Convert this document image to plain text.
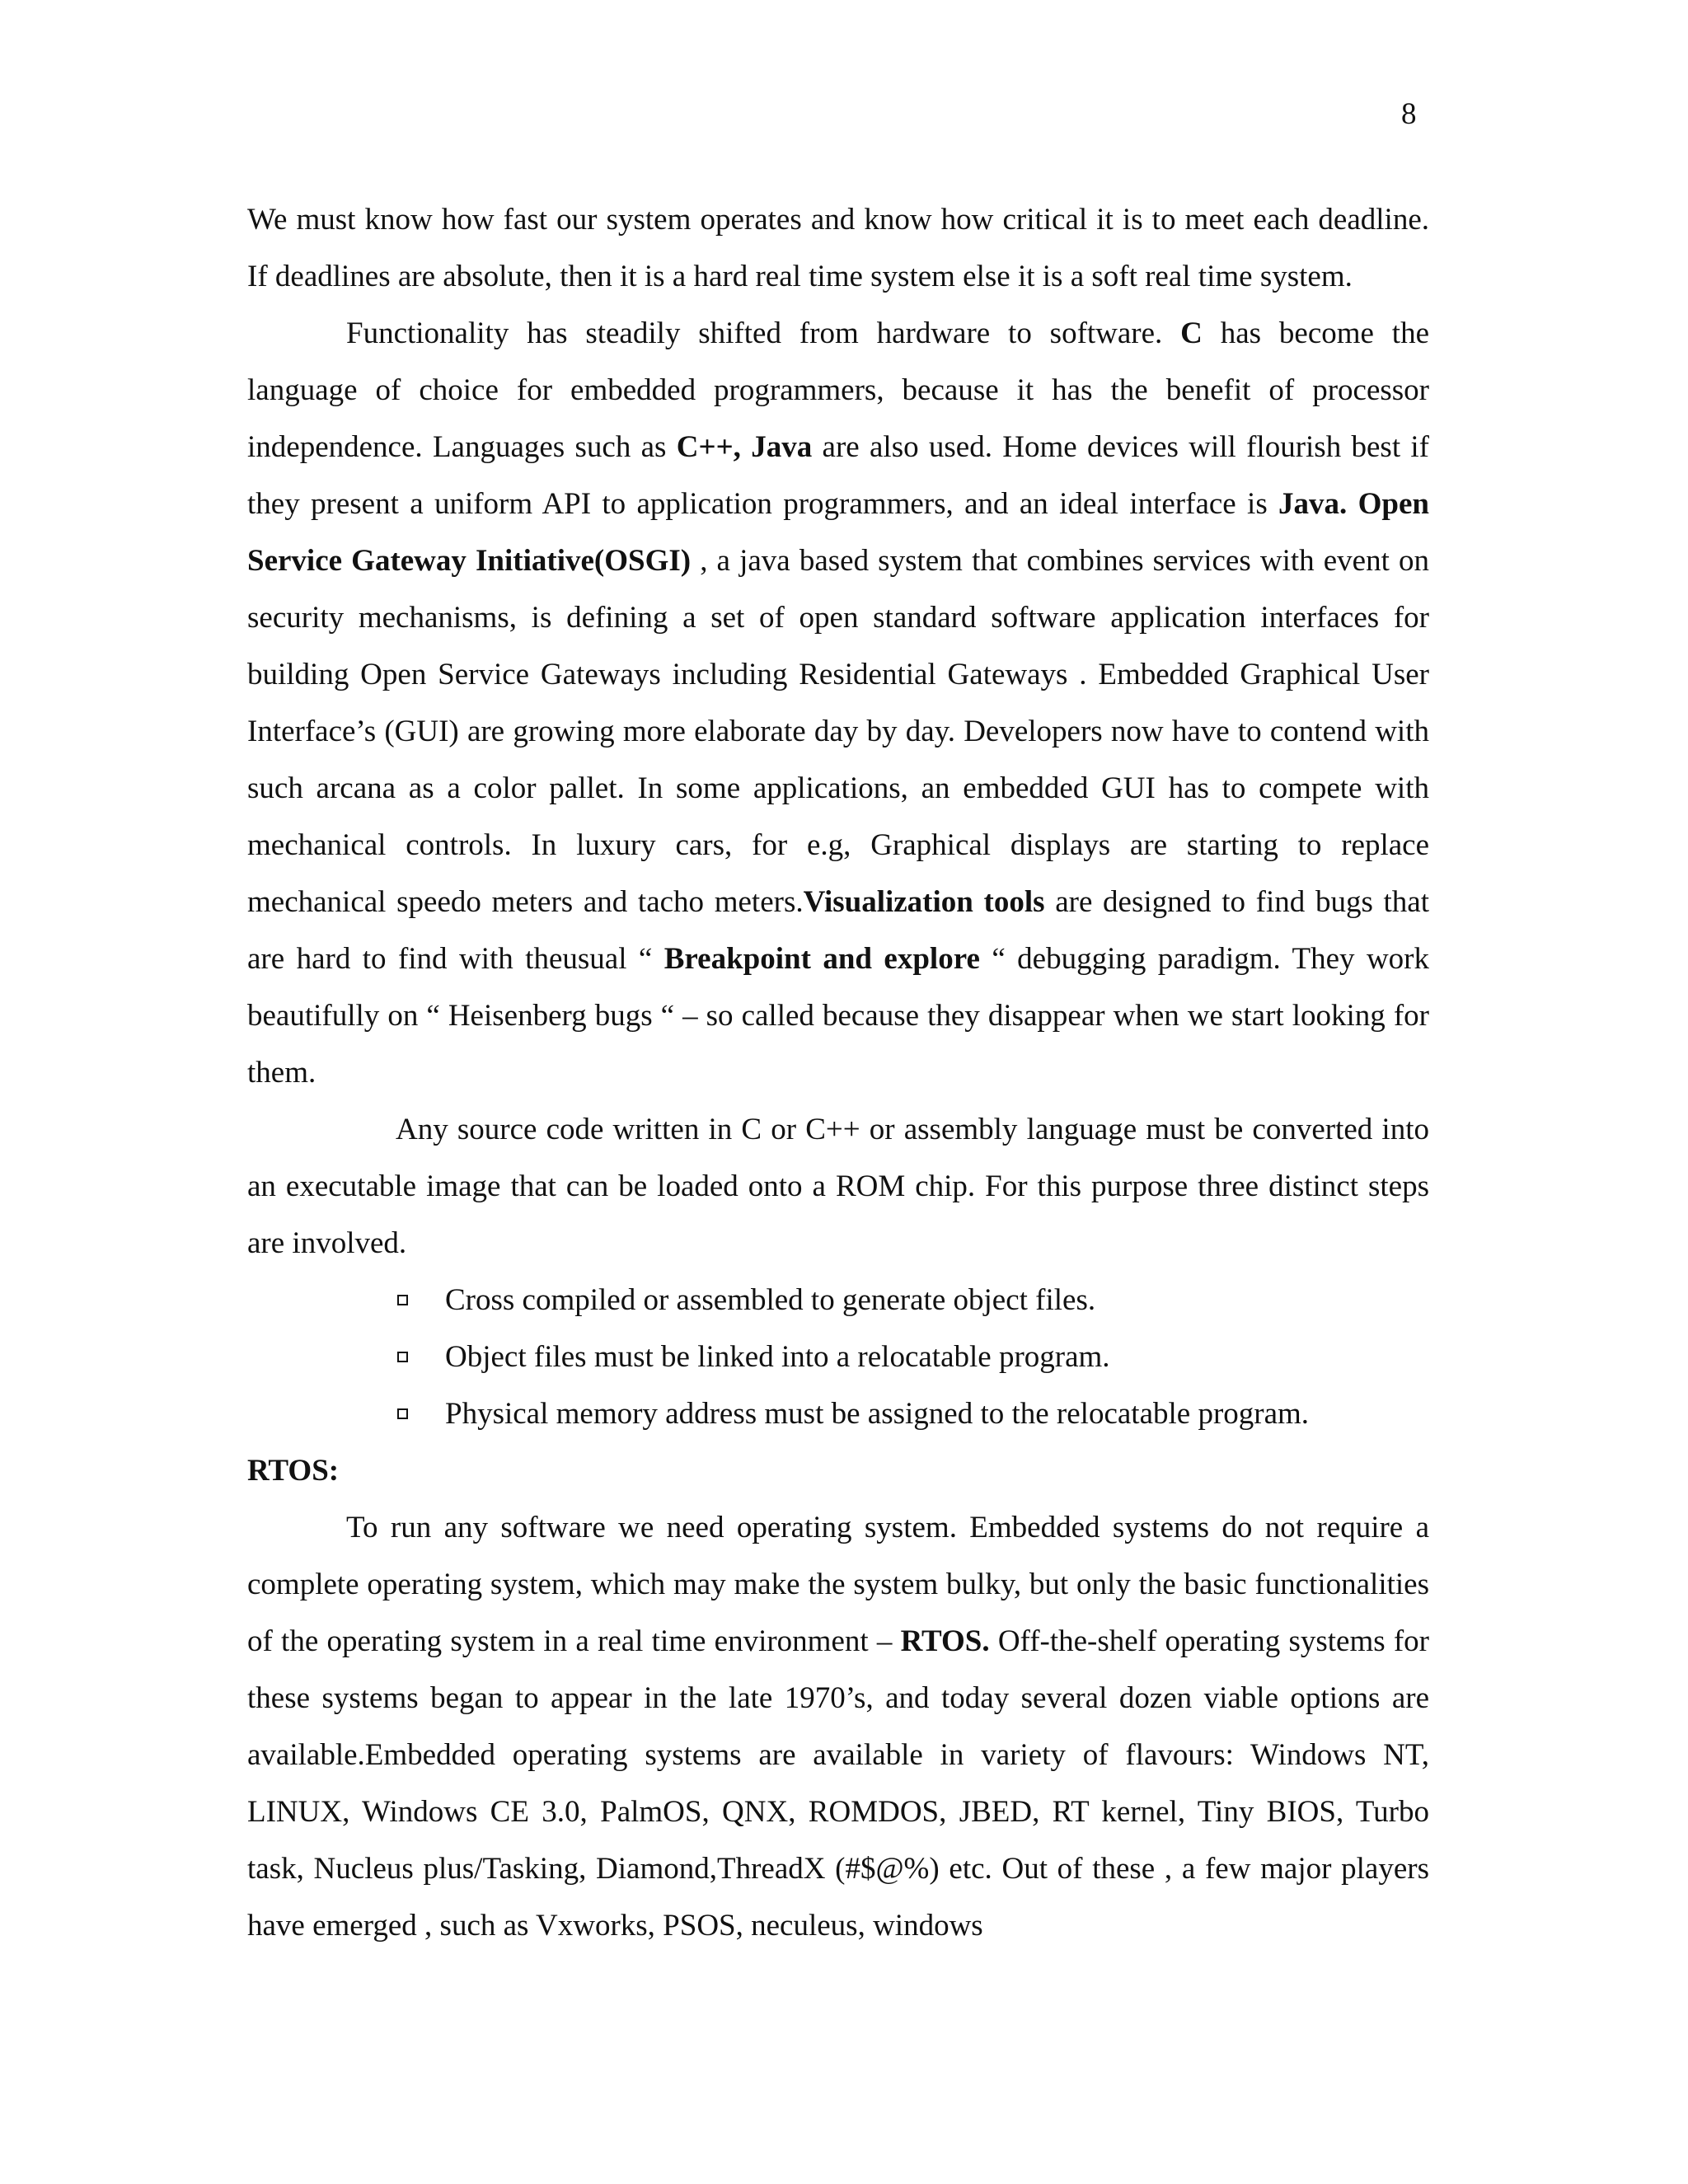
8

We must know how fast our system operates and know how critical it is to meet each deadline. If deadlines are absolute, then it is a hard real time system else it is a soft real time system.

Functionality has steadily shifted from hardware to software. C has become the language of choice for embedded programmers, because it has the benefit of processor independence. Languages such as C++, Java are also used. Home devices will flourish best if they present a uniform API to application programmers, and an ideal interface is Java. Open Service Gateway Initiative(OSGI) , a java based system that combines services with event on security mechanisms, is defining a set of open standard software application interfaces for building Open Service Gateways including Residential Gateways . Embedded Graphical User Interface’s (GUI) are growing more elaborate day by day. Developers now have to contend with such arcana as a color pallet. In some applications, an embedded GUI has to compete with mechanical controls. In luxury cars, for e.g, Graphical displays are starting to replace mechanical speedo meters and tacho meters.Visualization tools are designed to find bugs that are hard to find with theusual “ Breakpoint and explore “ debugging paradigm. They work beautifully on “ Heisenberg bugs “ – so called because they disappear when we start looking for them.

Any source code written in C or C++ or assembly language must be converted into an executable image that can be loaded onto a ROM chip. For this purpose three distinct steps are involved.

Cross compiled or assembled to generate object files.
Object files must be linked into a relocatable program.
Physical memory address must be assigned to the relocatable program.

RTOS:

To run any software we need operating system. Embedded systems do not require a complete operating system, which may make the system bulky, but only the basic functionalities of the operating system in a real time environment – RTOS. Off-the-shelf operating systems for these systems began to appear in the late 1970’s, and today several dozen viable options are available.Embedded operating systems are available in variety of flavours: Windows NT, LINUX, Windows CE 3.0, PalmOS, QNX, ROMDOS, JBED, RT kernel, Tiny BIOS, Turbo task, Nucleus plus/Tasking, Diamond,ThreadX (#$@%) etc. Out of these , a few major players have emerged , such as Vxworks, PSOS, neculeus, windows
